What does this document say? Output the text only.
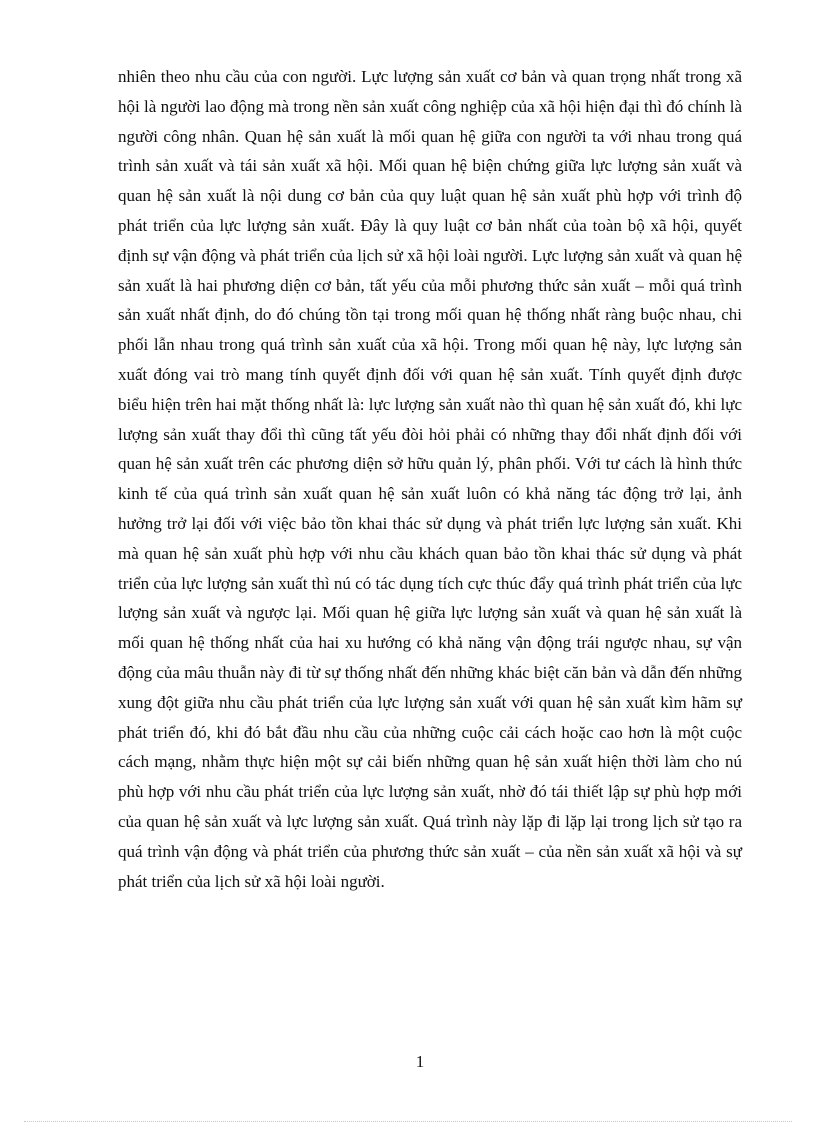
nhiên theo nhu cầu của con người. Lực lượng sản xuất cơ bản và quan trọng nhất trong xã hội là người lao động mà trong nền sản xuất công nghiệp của xã hội hiện đại thì đó chính là người công nhân. Quan hệ sản xuất là mối quan hệ giữa con người ta với nhau trong quá trình sản xuất và tái sản xuất xã hội. Mối quan hệ biện chứng giữa lực lượng sản xuất và quan hệ sản xuất là nội dung cơ bản của quy luật quan hệ sản xuất phù hợp với trình độ phát triển của lực lượng sản xuất. Đây là quy luật cơ bản nhất của toàn bộ xã hội, quyết định sự vận động và phát triển của lịch sử xã hội loài người. Lực lượng sản xuất và quan hệ sản xuất là hai phương diện cơ bản, tất yếu của mỗi phương thức sản xuất – mỗi quá trình sản xuất nhất định, do đó chúng tồn tại trong mối quan hệ thống nhất ràng buộc nhau, chi phối lẫn nhau trong quá trình sản xuất của xã hội. Trong mối quan hệ này, lực lượng sản xuất đóng vai trò mang tính quyết định đối với quan hệ sản xuất. Tính quyết định được biểu hiện trên hai mặt thống nhất là: lực lượng sản xuất nào thì quan hệ sản xuất đó, khi lực lượng sản xuất thay đổi thì cũng tất yếu đòi hỏi phải có những thay đổi nhất định đối với quan hệ sản xuất trên các phương diện sở hữu quản lý, phân phối. Với tư cách là hình thức kinh tế của quá trình sản xuất quan hệ sản xuất luôn có khả năng tác động trở lại, ảnh hưởng trở lại đối với việc bảo tồn khai thác sử dụng và phát triển lực lượng sản xuất. Khi mà quan hệ sản xuất phù hợp với nhu cầu khách quan bảo tồn khai thác sử dụng và phát triển của lực lượng sản xuất thì nú có tác dụng tích cực thúc đẩy quá trình phát triển của lực lượng sản xuất và ngược lại. Mối quan hệ giữa lực lượng sản xuất và quan hệ sản xuất là mối quan hệ thống nhất của hai xu hướng có khả năng vận động trái ngược nhau, sự vận động của mâu thuẫn này đi từ sự thống nhất đến những khác biệt căn bản và dẫn đến những xung đột giữa nhu cầu phát triển của lực lượng sản xuất với quan hệ sản xuất kìm hãm sự phát triển đó, khi đó bắt đầu nhu cầu của những cuộc cải cách hoặc cao hơn là một cuộc cách mạng, nhằm thực hiện một sự cải biến những quan hệ sản xuất hiện thời làm cho nú phù hợp với nhu cầu phát triển của lực lượng sản xuất, nhờ đó tái thiết lập sự phù hợp mới của quan hệ sản xuất và lực lượng sản xuất. Quá trình này lặp đi lặp lại trong lịch sử tạo ra quá trình vận động và phát triển của phương thức sản xuất – của nền sản xuất xã hội và sự phát triển của lịch sử xã hội loài người.

1
